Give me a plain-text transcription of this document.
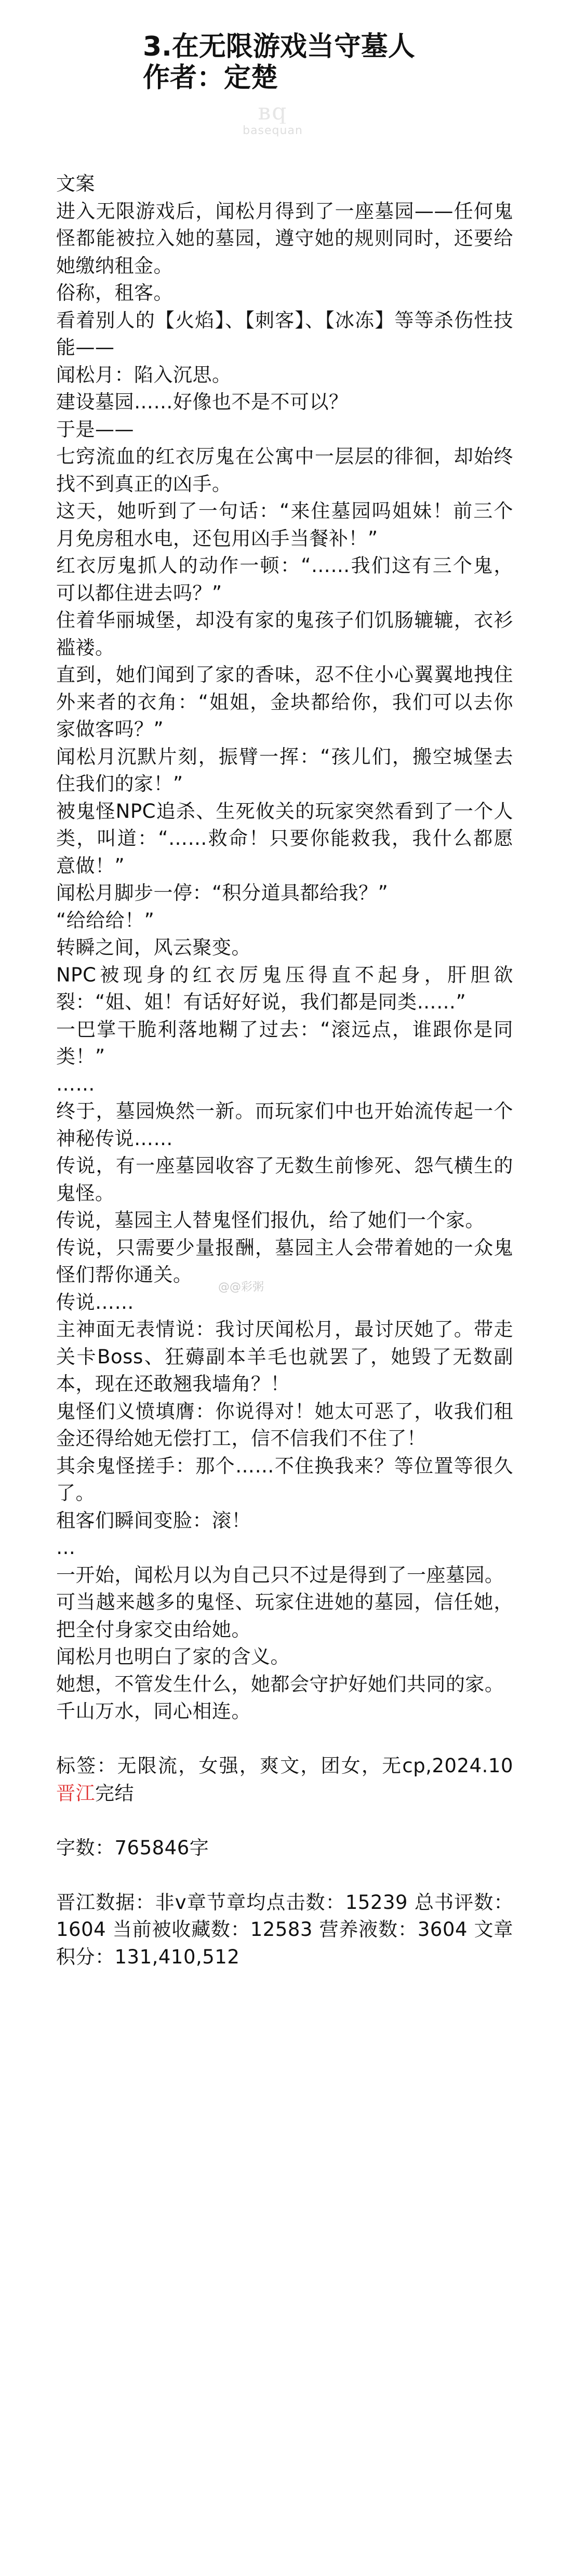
3.在无限游戏当守墓人

作者：定楚

ʙq
basequan

文案

进入无限游戏后，闻松月得到了一座墓园——任何鬼怪都能被拉入她的墓园，遵守她的规则同时，还要给她缴纳租金。

俗称，租客。

看着别人的【火焰】、【刺客】、【冰冻】等等杀伤性技能——

闻松月：陷入沉思。

建设墓园……好像也不是不可以？

于是——

七窍流血的红衣厉鬼在公寓中一层层的徘徊，却始终找不到真正的凶手。

这天，她听到了一句话：“来住墓园吗姐妹！前三个月免房租水电，还包用凶手当餐补！”

红衣厉鬼抓人的动作一顿：“……我们这有三个鬼，可以都住进去吗？”

住着华丽城堡，却没有家的鬼孩子们饥肠辘辘，衣衫褴褛。

直到，她们闻到了家的香味，忍不住小心翼翼地拽住外来者的衣角：“姐姐，金块都给你，我们可以去你家做客吗？”

闻松月沉默片刻，振臂一挥：“孩儿们，搬空城堡去住我们的家！”

被鬼怪NPC追杀、生死攸关的玩家突然看到了一个人类，叫道：“……救命！只要你能救我，我什么都愿意做！”

闻松月脚步一停：“积分道具都给我？”

“给给给！”

转瞬之间，风云聚变。

NPC被现身的红衣厉鬼压得直不起身，肝胆欲裂：“姐、姐！有话好好说，我们都是同类……”

一巴掌干脆利落地糊了过去：“滚远点，谁跟你是同类！”

……

终于，墓园焕然一新。而玩家们中也开始流传起一个神秘传说……

传说，有一座墓园收容了无数生前惨死、怨气横生的鬼怪。

传说，墓园主人替鬼怪们报仇，给了她们一个家。

传说，只需要少量报酬，墓园主人会带着她的一众鬼怪们帮你通关。

传说……

主神面无表情说：我讨厌闻松月，最讨厌她了。带走关卡Boss、狂薅副本羊毛也就罢了，她毁了无数副本，现在还敢翘我墙角？！

鬼怪们义愤填膺：你说得对！她太可恶了，收我们租金还得给她无偿打工，信不信我们不住了！

其余鬼怪搓手：那个……不住换我来？等位置等很久了。

租客们瞬间变脸：滚！

…

一开始，闻松月以为自己只不过是得到了一座墓园。

可当越来越多的鬼怪、玩家住进她的墓园，信任她，把全付身家交由给她。

闻松月也明白了家的含义。

她想，不管发生什么，她都会守护好她们共同的家。

千山万水，同心相连。

标签：无限流，女强，爽文，团女，无cp,2024.10晋江完结

字数：765846字

晋江数据：非v章节章均点击数：15239 总书评数：1604 当前被收藏数：12583 营养液数：3604 文章积分：131,410,512

@@彩粥
